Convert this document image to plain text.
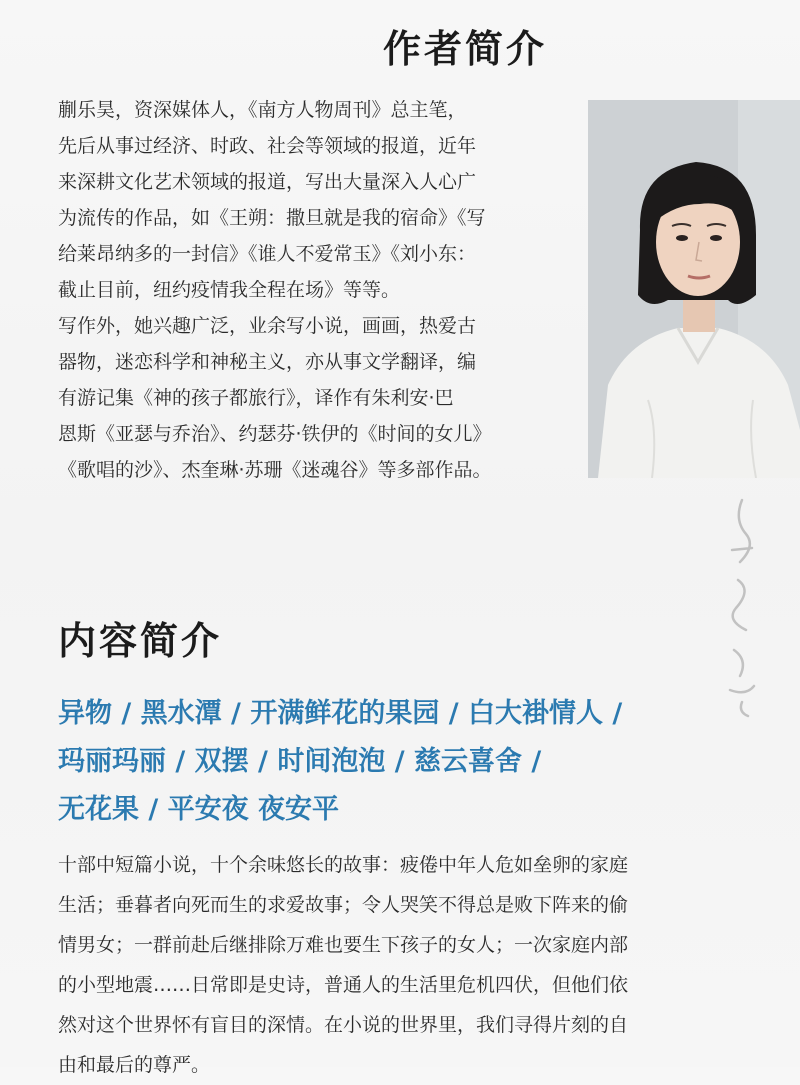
作者简介

蒯乐昊，资深媒体人，《南方人物周刊》总主笔，

先后从事过经济、时政、社会等领域的报道，近年

来深耕文化艺术领域的报道，写出大量深入人心广

为流传的作品，如《王朔：撒旦就是我的宿命》《写

给莱昂纳多的一封信》《谁人不爱常玉》《刘小东：

截止目前，纽约疫情我全程在场》等等。

写作外，她兴趣广泛，业余写小说，画画，热爱古

器物，迷恋科学和神秘主义，亦从事文学翻译，编

有游记集《神的孩子都旅行》，译作有朱利安·巴

恩斯《亚瑟与乔治》、约瑟芬·铁伊的《时间的女儿》

《歌唱的沙》、杰奎琳·苏珊《迷魂谷》等多部作品。

内容简介
异物 / 黑水潭 / 开满鲜花的果园 / 白大褂情人 /
玛丽玛丽 / 双摆 / 时间泡泡 / 慈云喜舍 /
无花果 / 平安夜 夜安平
十部中短篇小说，十个余味悠长的故事：疲倦中年人危如垒卵的家庭
生活；垂暮者向死而生的求爱故事；令人哭笑不得总是败下阵来的偷
情男女；一群前赴后继排除万难也要生下孩子的女人；一次家庭内部
的小型地震……日常即是史诗，普通人的生活里危机四伏，但他们依
然对这个世界怀有盲目的深情。在小说的世界里，我们寻得片刻的自
由和最后的尊严。
